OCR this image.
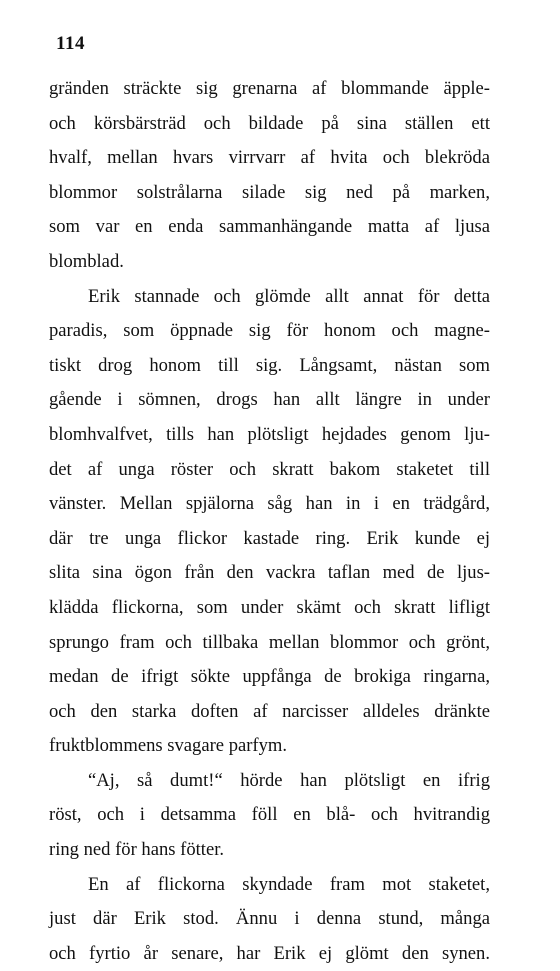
114
gränden sträckte sig grenarna af blommande äpple-
och körsbärsträd och bildade på sina ställen ett
hvalf, mellan hvars virrvarr af hvita och blekröda
blommor solstrålarna silade sig ned på marken,
som var en enda sammanhängande matta af ljusa
blomblad.
Erik stannade och glömde allt annat för detta
paradis, som öppnade sig för honom och magne-
tiskt drog honom till sig. Långsamt, nästan som
gående i sömnen, drogs han allt längre in under
blomhvalfvet, tills han plötsligt hejdades genom lju-
det af unga röster och skratt bakom staketet till
vänster. Mellan spjälorna såg han in i en trädgård,
där tre unga flickor kastade ring. Erik kunde ej
slita sina ögon från den vackra taflan med de ljus-
klädda flickorna, som under skämt och skratt lifligt
sprungo fram och tillbaka mellan blommor och grönt,
medan de ifrigt sökte uppfånga de brokiga ringarna,
och den starka doften af narcisser alldeles dränkte
fruktblommens svagare parfym.
“Aj, så dumt!“ hörde han plötsligt en ifrig
röst, och i detsamma föll en blå- och hvitrandig
ring ned för hans fötter.
En af flickorna skyndade fram mot staketet,
just där Erik stod. Ännu i denna stund, många
och fyrtio år senare, har Erik ej glömt den synen.
